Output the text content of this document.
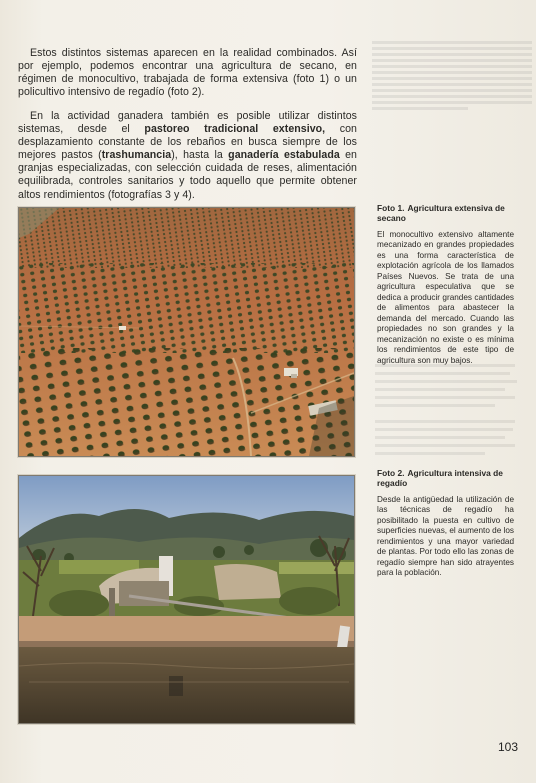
Estos distintos sistemas aparecen en la realidad combinados. Así por ejemplo, podemos encontrar una agricultura de secano, en régimen de monocultivo, trabajada de forma extensiva (foto 1) o un policultivo intensivo de regadío (foto 2).

En la actividad ganadera también es posible utilizar distintos sistemas, desde el pastoreo tradicional extensivo, con desplazamiento constante de los rebaños en busca siempre de los mejores pastos (trashumancia), hasta la ganadería estabulada en granjas especializadas, con selección cuidada de reses, alimentación equilibrada, controles sanitarios y todo aquello que permite obtener altos rendimientos (fotografías 3 y 4).

Foto 1. Agricultura extensiva de secano

El monocultivo extensivo altamente mecanizado en grandes propiedades es una forma característica de explotación agrícola de los llamados Países Nuevos. Se trata de una agricultura especulativa que se dedica a producir grandes cantidades de alimentos para abastecer la demanda del mercado. Cuando las propiedades no son grandes y la mecanización no existe o es mínima los rendimientos de este tipo de agricultura son muy bajos.

Foto 2. Agricultura intensiva de regadío

Desde la antigüedad la utilización de las técnicas de regadío ha posibilitado la puesta en cultivo de superficies nuevas, el aumento de los rendimientos y una mayor variedad de plantas. Por todo ello las zonas de regadío siempre han sido atrayentes para la población.

103
